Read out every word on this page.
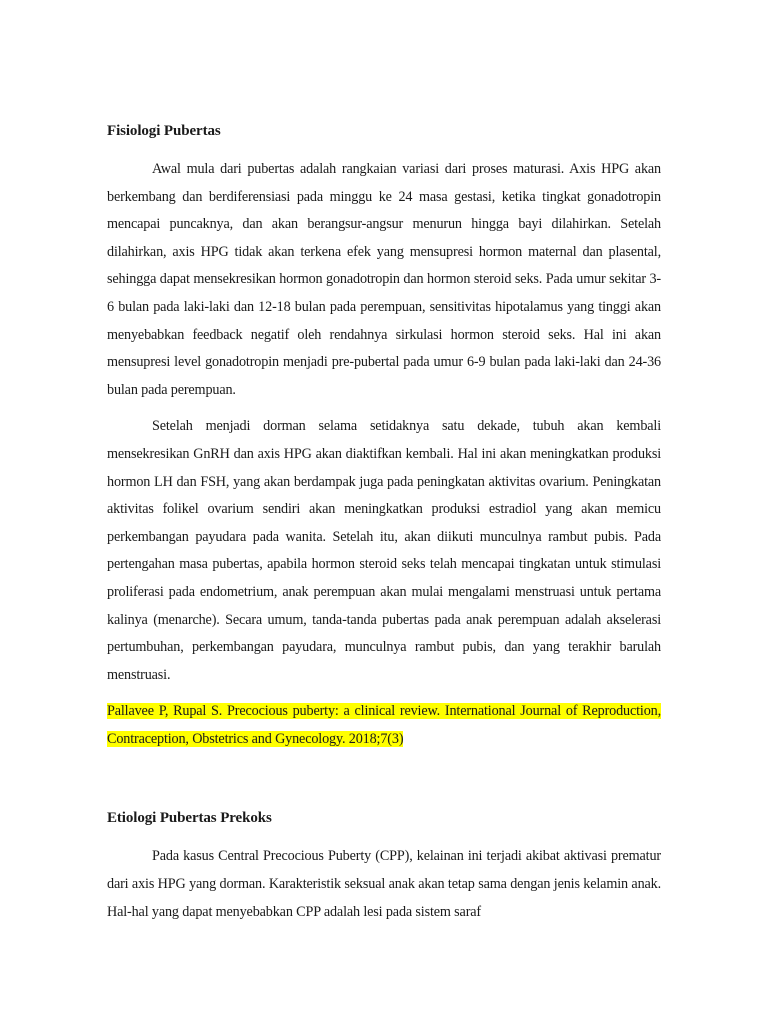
Fisiologi Pubertas

Awal mula dari pubertas adalah rangkaian variasi dari proses maturasi. Axis HPG akan berkembang dan berdiferensiasi pada minggu ke 24 masa gestasi, ketika tingkat gonadotropin mencapai puncaknya, dan akan berangsur-angsur menurun hingga bayi dilahirkan. Setelah dilahirkan, axis HPG tidak akan terkena efek yang mensupresi hormon maternal dan plasental, sehingga dapat mensekresikan hormon gonadotropin dan hormon steroid seks. Pada umur sekitar 3-6 bulan pada laki-laki dan 12-18 bulan pada perempuan, sensitivitas hipotalamus yang tinggi akan menyebabkan feedback negatif oleh rendahnya sirkulasi hormon steroid seks. Hal ini akan mensupresi level gonadotropin menjadi pre-pubertal pada umur 6-9 bulan pada laki-laki dan 24-36 bulan pada perempuan.

Setelah menjadi dorman selama setidaknya satu dekade, tubuh akan kembali mensekresikan GnRH dan axis HPG akan diaktifkan kembali. Hal ini akan meningkatkan produksi hormon LH dan FSH, yang akan berdampak juga pada peningkatan aktivitas ovarium. Peningkatan aktivitas folikel ovarium sendiri akan meningkatkan produksi estradiol yang akan memicu perkembangan payudara pada wanita. Setelah itu, akan diikuti munculnya rambut pubis. Pada pertengahan masa pubertas, apabila hormon steroid seks telah mencapai tingkatan untuk stimulasi proliferasi pada endometrium, anak perempuan akan mulai mengalami menstruasi untuk pertama kalinya (menarche). Secara umum, tanda-tanda pubertas pada anak perempuan adalah akselerasi pertumbuhan, perkembangan payudara, munculnya rambut pubis, dan yang terakhir barulah menstruasi.

Pallavee P, Rupal S. Precocious puberty: a clinical review. International Journal of Reproduction, Contraception, Obstetrics and Gynecology. 2018;7(3)

Etiologi Pubertas Prekoks

Pada kasus Central Precocious Puberty (CPP), kelainan ini terjadi akibat aktivasi prematur dari axis HPG yang dorman. Karakteristik seksual anak akan tetap sama dengan jenis kelamin anak. Hal-hal yang dapat menyebabkan CPP adalah lesi pada sistem saraf
